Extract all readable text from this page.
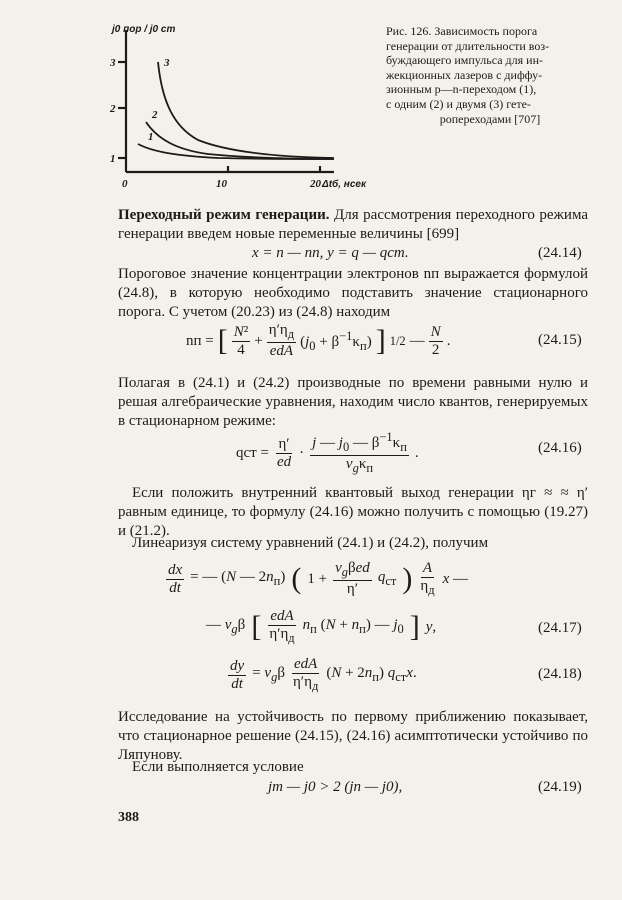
j0 пор / j0 ст
Δtб, нсек
0	10	20
1
2
3
1
2
3
Рис. 126. Зависимость порога
генерации от длительности воз-
буждающего импульса для ин-
жекционных лазеров с диффу-
зионным p—n-переходом (1),
с одним (2) и двумя (3) гете-
ропереходами [707]
Переходный режим генерации. Для рассмотрения переходного режима генерации введем новые переменные величины [699]
x = n — nп, y = q — qст.	(24.14)
Пороговое значение концентрации электронов nп выражается формулой (24.8), в которую необходимо подставить значение стационарного порога. С учетом (20.23) из (24.8) находим
nп = [ $\frac{\text{N²}}{4} + \frac{\eta'\eta_д}{\text{edA}} (j_0 + \beta^{-1}\kappa_п)$ ] 1/2 — $\frac{N}{2}$ .	(24.15)
Полагая в (24.1) и (24.2) производные по времени равными нулю и решая алгебраические уравнения, находим число квантов, генерируемых в стационарном режиме:
qст = $\frac{\eta'}{ed} \cdot \frac{j — j_0 — \beta^{-1}\kappa_п}{v_g\kappa_п}$ .	(24.16)
Если положить внутренний квантовый выход генерации ηг ≈ ≈ η′ равным единице, то формулу (24.16) можно получить с помощью (19.27) и (21.2).
Линеаризуя систему уравнений (24.1) и (24.2), получим
$\frac{dx}{dt}$ = — (N — $2n_п$) ( $1 + \frac{v_g\beta ed}{\eta'} q_{ст}$ ) $\frac{A}{\eta_д}$ x —
— $v_g\beta$ [ $\frac{\text{edA}}{\eta'\eta_д} n_п$ $(N + n_п)$ — $j_0$ ] y,	(24.17)
$\frac{dy}{dt} = v_g\beta \frac{\text{edA}}{\eta'\eta_д} (N + 2n_п)$ $q_{ст}x$.	(24.18)
Исследование на устойчивость по первому приближению показывает, что стационарное решение (24.15), (24.16) асимптотически устойчиво по Ляпунову.
Если выполняется условие
jm — j0 > 2 (jп — j0),	(24.19)
388
